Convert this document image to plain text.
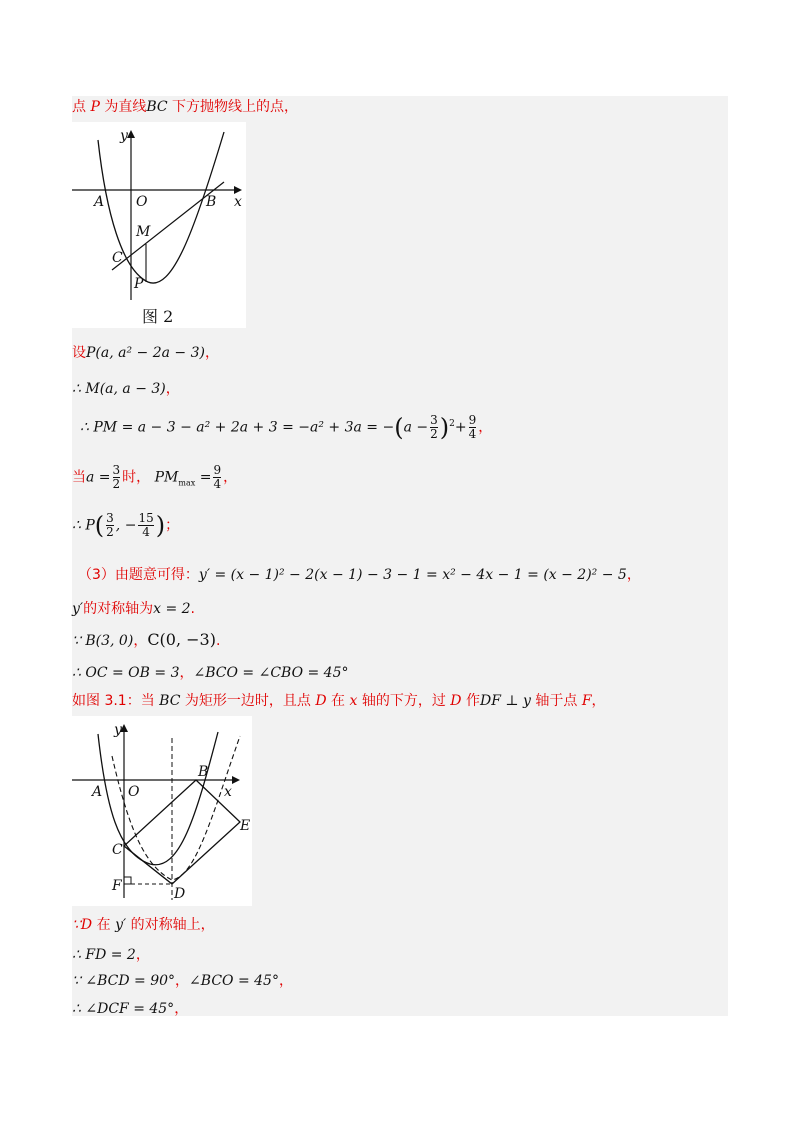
点 P 为直线BC 下方抛物线上的点，
y
A O	B x
M
C
P
图 2
设P(a, a² − 2a − 3)，
∴ M(a, a − 3)，
∴ PM = $a - 3 - a^2 + 2a + 3 = -a^2 + 3a = -(a - \frac{3}{2} )^2+ \frac{9}{4}$ ，
当$a = \frac{3}{2}$ 时， $PM_{max} = \frac{9}{4}$ ，
∴ $P( \frac{3}{2}$ , − $\frac{15}{4}$ )；
（3）由题意可得：y′ = (x − 1)² − 2(x − 1) − 3 − 1 = x² − 4x − 1 = (x − 2)² − 5，
y′的对称轴为x = 2.
∵ B(3, 0)，C(0, −3).
∴ OC = OB = 3，∠BCO = ∠CBO = 45°
如图 3.1：当 BC 为矩形一边时，且点 D 在 x 轴的下方，过 D 作DF ⊥ y 轴于点 F，
y
A O
B
x
E
C
F	D
∵D 在 y′ 的对称轴上，
∴ FD = 2，
∵ ∠BCD = 90°，∠BCO = 45°，
∴ ∠DCF = 45°，
